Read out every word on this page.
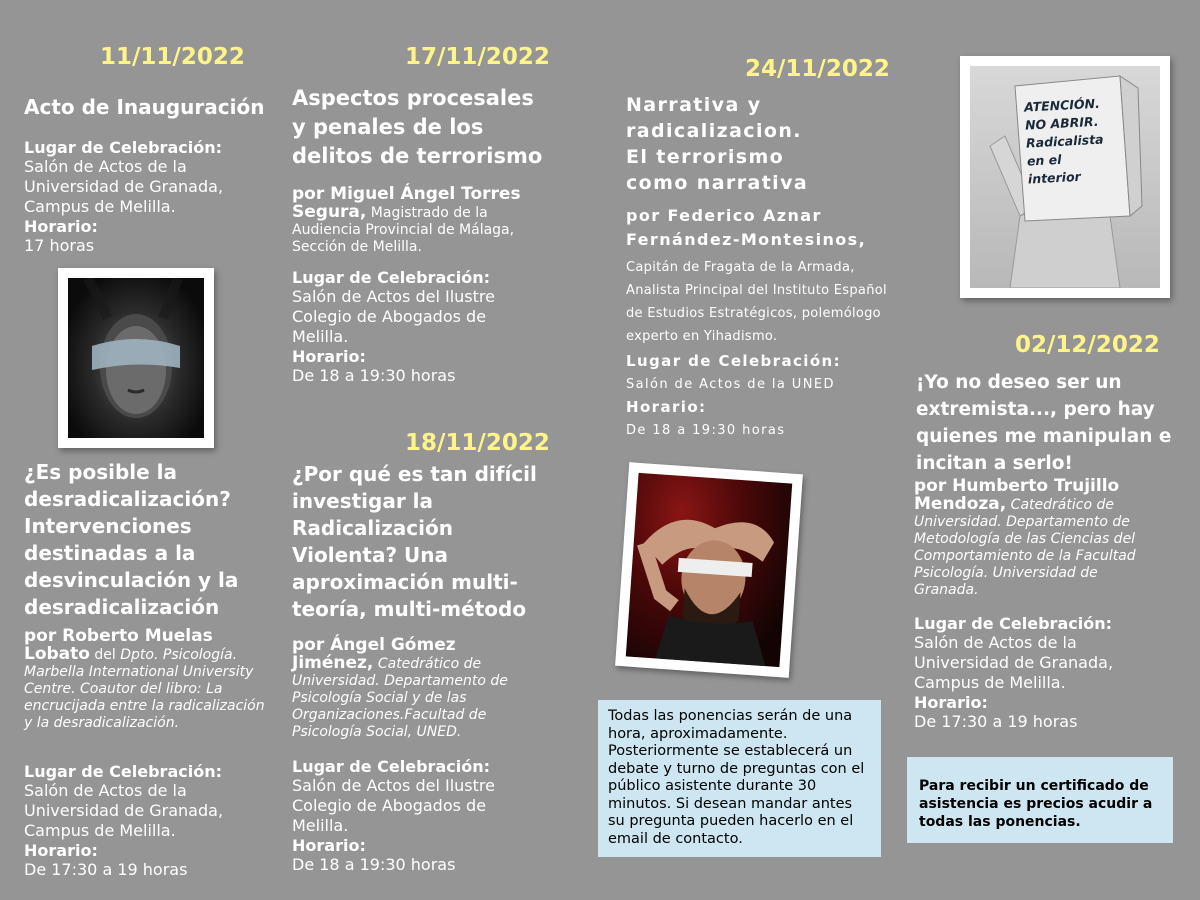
11/11/2022
Acto de Inauguración
Lugar de Celebración:
Salón de Actos de la
Universidad de Granada,
Campus de Melilla.
Horario:
17 horas
¿Es posible la
desradicalización?
Intervenciones
destinadas a la
desvinculación y la
desradicalización
por Roberto Muelas
Lobato del Dpto. Psicología. Marbella International University Centre. Coautor del libro: La encrucijada entre la radicalización y la desradicalización.
Lugar de Celebración:
Salón de Actos de la
Universidad de Granada,
Campus de Melilla.
Horario:
De 17:30 a 19 horas
17/11/2022
Aspectos procesales
y penales de los
delitos de terrorismo
por Miguel Ángel Torres
Segura, Magistrado de la Audiencia Provincial de Málaga, Sección de Melilla.
Lugar de Celebración:
Salón de Actos del Ilustre
Colegio de Abogados de
Melilla.
Horario:
De 18 a 19:30 horas
18/11/2022
¿Por qué es tan difícil
investigar la
Radicalización
Violenta? Una
aproximación multi-
teoría, multi-método
por Ángel Gómez
Jiménez, Catedrático de Universidad. Departamento de Psicología Social y de las Organizaciones.Facultad de Psicología Social, UNED.
Lugar de Celebración:
Salón de Actos del Ilustre
Colegio de Abogados de
Melilla.
Horario:
De 18 a 19:30 horas
24/11/2022
Narrativa y
radicalizacion.
El terrorismo
como narrativa
por Federico Aznar
Fernández-Montesinos,
Capitán de Fragata de la Armada,
Analista Principal del Instituto Español
de Estudios Estratégicos, polemólogo
experto en Yihadismo.
Lugar de Celebración:
Salón de Actos de la UNED
Horario:
De 18 a 19:30 horas
Todas las ponencias serán de una hora, aproximadamente. Posteriormente se establecerá un debate y turno de preguntas con el público asistente durante 30 minutos. Si desean mandar antes su pregunta pueden hacerlo en el email de contacto.
ATENCIÓN.
NO ABRIR.
Radicalista
en el
interior
02/12/2022
¡Yo no deseo ser un
extremista..., pero hay
quienes me manipulan e
incitan a serlo!
por Humberto Trujillo
Mendoza, Catedrático de Universidad. Departamento de Metodología de las Ciencias del Comportamiento de la Facultad Psicología. Universidad de Granada.
Lugar de Celebración:
Salón de Actos de la
Universidad de Granada,
Campus de Melilla.
Horario:
De 17:30 a 19 horas
Para recibir un certificado de asistencia es precios acudir a todas las ponencias.
